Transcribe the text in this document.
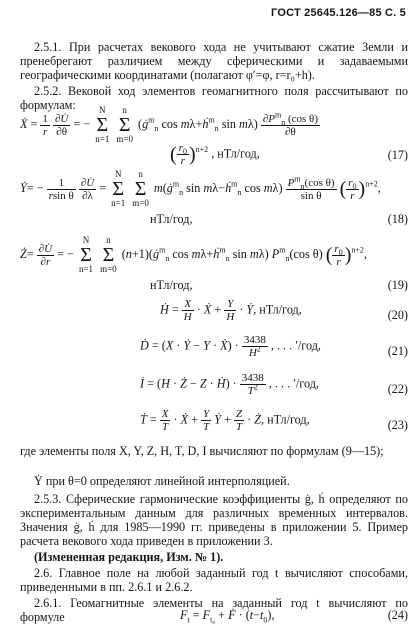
ГОСТ 25645.126—85 С. 5
2.5.1. При расчетах векового хода не учитывают сжатие Земли и пренебрегают различием между сферическими и задаваемыми географическими координатами (полагают φ′=φ, r=r₀+h).
2.5.2. Вековой ход элементов геомагнитного поля рассчитывают по формулам:
Ẋ = $\frac{1}{r}$
$\frac{\partial U̇}{\partial\theta}$ = − N
Σ
n=1 n
Σ
m=0 ($ġ^m_n$ cos mλ+ḣ$^m_n$ $\sin m\lambda) \frac{\partial P^m_n (\cos \theta)}{\partial\theta}$
( $\frac{r_0}{r} )^{n+2}$ , нТл/год,	(17)
Ẏ= − $\frac{1}{\text{rsin θ}}$
$\frac{\partial U̇}{\partial\lambda} = N$
Σ
n=1 n
Σ
m=0 $m(ġ^m_n$ sin mλ−ḣ$^m_n$ $\cos m\lambda) \frac{P^m_n(\cos \theta)}{\text{sin θ}}$ ( $\frac{r_0}{r} )^{n+2}$,
нТл/год,	(18)
Ż= $\frac{\partial U̇}{\partial r}$ = − N
Σ
n=1 n
Σ
m=0 $(n+1)(ġ^m_n$ cos mλ+ḣ$^m_n$ sin mλ) $P^m_n(\cos$ θ) ( $\frac{r_0}{r} )^{n+2}$,
нТл/год,	(19)
Ḣ = $\frac{X}{H}$ · Ẋ + $\frac{Y}{H}$ · Ẏ, нТл/год,	(20)
Ḋ = (X · Ẏ − Y · Ẋ) · $\frac{3438}{H^2}$ , . . . ′/год,	(21)
İ = (H · Ż − Z · Ḣ) · $\frac{3438}{T^2}$ , . . . ′/год,	(22)
Ṫ = $\frac{X}{T}$ · Ẋ + $\frac{Y}{T}$ Ẏ + $\frac{Z}{T}$ · Ż, нТл/год,	(23)
где элементы поля X, Y, Z, H, T, D, I вычисляют по формулам (9—15);
Ẏ при θ=0 определяют линейной интерполяцией.
2.5.3. Сферические гармонические коэффициенты ġ, ḣ определяют по экспериментальным данным для различных временных интервалов. Значения ġ, ḣ для 1985—1990 гг. приведены в приложении 5. Пример расчета векового хода приведен в приложении 3.
(Измененная редакция, Изм. № 1).
2.6. Главное поле на любой заданный год t вычисляют способами, приведенными в пп. 2.6.1 и 2.6.2.
2.6.1. Геомагнитные элементы на заданный год t вычисляют по формуле	$F_t = F_{t_0}$ + Ḟ · $(t-t_0)$,	(24)
